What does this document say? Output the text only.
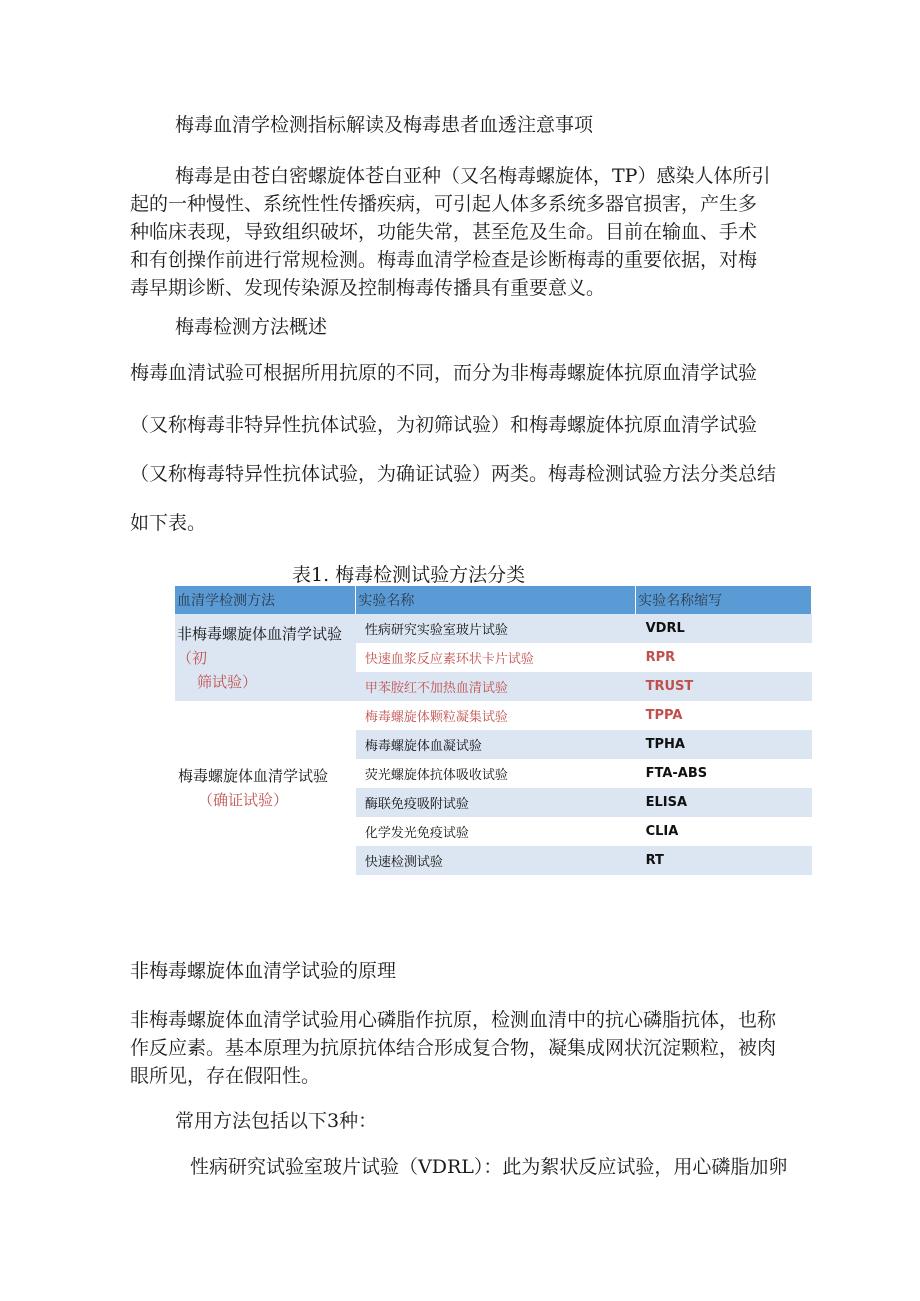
梅毒血清学检测指标解读及梅毒患者血透注意事项
梅毒是由苍白密螺旋体苍白亚种（又名梅毒螺旋体，TP）感染人体所引
起的一种慢性、系统性性传播疾病，可引起人体多系统多器官损害，产生多
种临床表现，导致组织破坏，功能失常，甚至危及生命。目前在输血、手术
和有创操作前进行常规检测。梅毒血清学检查是诊断梅毒的重要依据，对梅
毒早期诊断、发现传染源及控制梅毒传播具有重要意义。
梅毒检测方法概述
梅毒血清试验可根据所用抗原的不同，而分为非梅毒螺旋体抗原血清学试验
（又称梅毒非特异性抗体试验，为初筛试验）和梅毒螺旋体抗原血清学试验
（又称梅毒特异性抗体试验，为确证试验）两类。梅毒检测试验方法分类总结
如下表。
表1. 梅毒检测试验方法分类
血清学检测方法	实验名称	实验名称缩写
非梅毒螺旋体血清学试验（初
筛试验）	性病研究实验室玻片试验	VDRL
	快速血浆反应素环状卡片试验	RPR
	甲苯胺红不加热血清试验	TRUST
梅毒螺旋体血清学试验
（确证试验）	梅毒螺旋体颗粒凝集试验	TPPA
	梅毒螺旋体血凝试验	TPHA
	荧光螺旋体抗体吸收试验	FTA-ABS
	酶联免疫吸附试验	ELISA
	化学发光免疫试验	CLIA
	快速检测试验	RT
非梅毒螺旋体血清学试验的原理
非梅毒螺旋体血清学试验用心磷脂作抗原，检测血清中的抗心磷脂抗体，也称
作反应素。基本原理为抗原抗体结合形成复合物，凝集成网状沉淀颗粒，被肉
眼所见，存在假阳性。
常用方法包括以下3种：
性病研究试验室玻片试验（VDRL）：此为絮状反应试验，用心磷脂加卵
